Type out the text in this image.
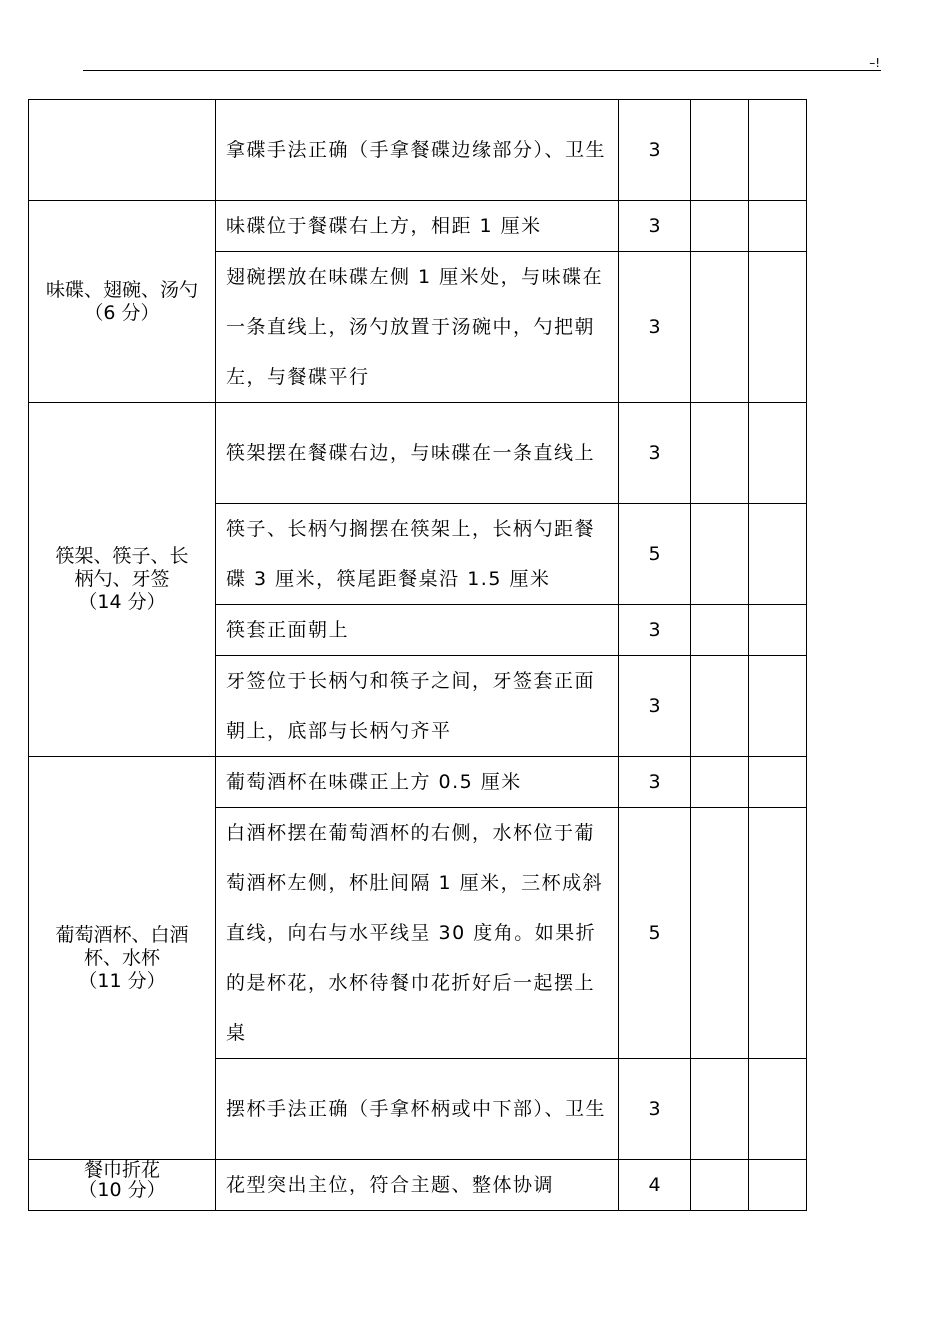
–!
	拿碟手法正确（手拿餐碟边缘部分）、卫生	3		

味碟、翅碗、汤勺
（6 分）	味碟位于餐碟右上方，相距 1 厘米	3		
	翅碗摆放在味碟左侧 1 厘米处，与味碟在一条直线上，汤勺放置于汤碗中，勺把朝左，与餐碟平行	3		

筷架、筷子、长柄勺、牙签
（14 分）	筷架摆在餐碟右边，与味碟在一条直线上	3		
	筷子、长柄勺搁摆在筷架上，长柄勺距餐碟 3 厘米，筷尾距餐桌沿 1.5 厘米	5		
	筷套正面朝上	3		
	牙签位于长柄勺和筷子之间，牙签套正面朝上，底部与长柄勺齐平	3		

葡萄酒杯、白酒杯、水杯
（11 分）	葡萄酒杯在味碟正上方 0.5 厘米	3		
	白酒杯摆在葡萄酒杯的右侧，水杯位于葡萄酒杯左侧，杯肚间隔 1 厘米，三杯成斜直线，向右与水平线呈 30 度角。如果折的是杯花，水杯待餐巾花折好后一起摆上桌	5		
	摆杯手法正确（手拿杯柄或中下部）、卫生	3		

餐巾折花
（10 分）	花型突出主位，符合主题、整体协调	4		
